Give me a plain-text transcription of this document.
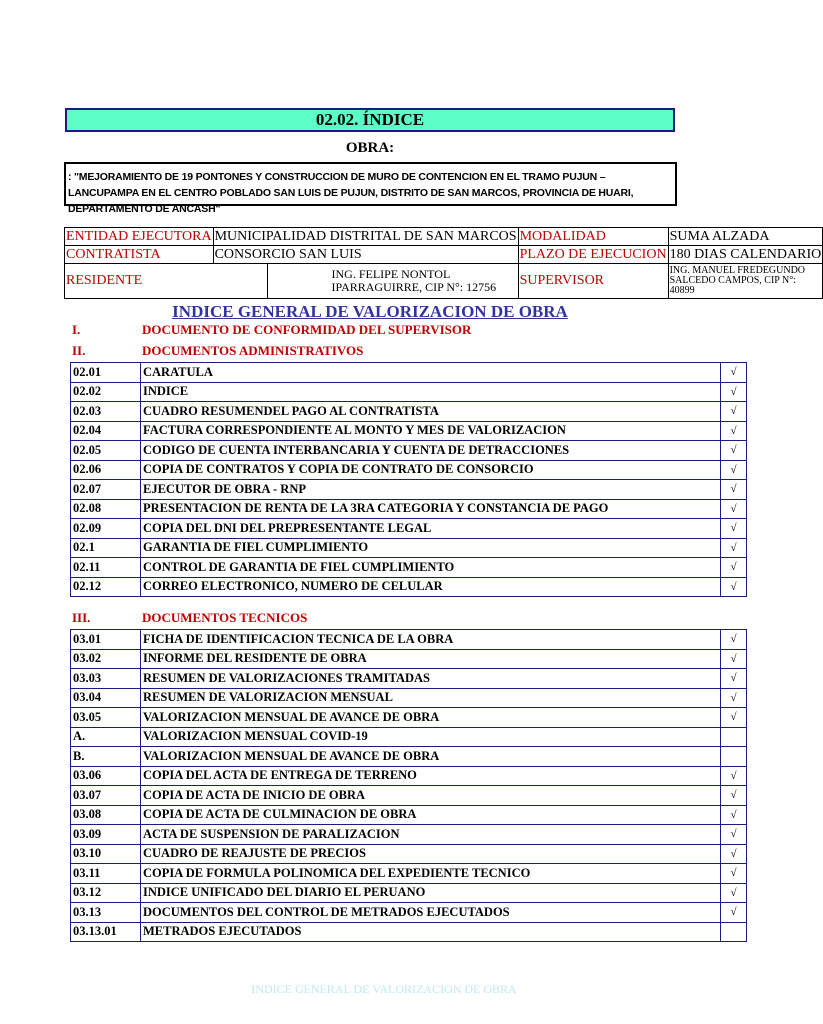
02.02. ÍNDICE
OBRA:
: "MEJORAMIENTO DE 19 PONTONES Y CONSTRUCCION DE MURO DE CONTENCION EN EL TRAMO PUJUN – LANCUPAMPA EN EL CENTRO POBLADO SAN LUIS DE PUJUN, DISTRITO DE SAN MARCOS, PROVINCIA DE HUARI, DEPARTAMENTO DE ANCASH"
ENTIDAD EJECUTORA	MUNICIPALIDAD DISTRITAL DE SAN MARCOS		MODALIDAD	SUMA ALZADA
CONTRATISTA	CONSORCIO SAN LUIS		PLAZO DE EJECUCION	180 DIAS CALENDARIO
RESIDENTE		ING. FELIPE NONTOL IPARRAGUIRRE, CIP N°: 12756	SUPERVISOR	ING. MANUEL FREDEGUNDO SALCEDO CAMPOS, CIP N°: 40899
INDICE GENERAL DE VALORIZACION DE OBRA
I.	DOCUMENTO DE CONFORMIDAD DEL SUPERVISOR
II.	DOCUMENTOS ADMINISTRATIVOS
02.01	CARATULA	√
02.02	INDICE	√
02.03	CUADRO RESUMENDEL PAGO AL CONTRATISTA	√
02.04	FACTURA CORRESPONDIENTE AL MONTO Y MES DE VALORIZACION	√
02.05	CODIGO DE CUENTA INTERBANCARIA Y CUENTA DE DETRACCIONES	√
02.06	COPIA DE CONTRATOS Y COPIA DE CONTRATO DE CONSORCIO	√
02.07	EJECUTOR DE OBRA - RNP	√
02.08	PRESENTACION DE RENTA DE LA 3RA CATEGORIA Y CONSTANCIA DE PAGO	√
02.09	COPIA DEL DNI DEL PREPRESENTANTE LEGAL	√
02.1	GARANTIA DE FIEL CUMPLIMIENTO	√
02.11	CONTROL DE GARANTIA DE FIEL CUMPLIMIENTO	√
02.12	CORREO ELECTRONICO, NUMERO DE CELULAR	√
III.	DOCUMENTOS TECNICOS
03.01	FICHA DE IDENTIFICACION TECNICA DE LA OBRA	√
03.02	INFORME DEL RESIDENTE DE OBRA	√
03.03	RESUMEN DE VALORIZACIONES TRAMITADAS	√
03.04	RESUMEN DE VALORIZACION MENSUAL	√
03.05	VALORIZACION MENSUAL DE AVANCE DE OBRA	√
A.	VALORIZACION MENSUAL COVID-19	
B.	VALORIZACION MENSUAL DE AVANCE DE OBRA	
03.06	COPIA DEL ACTA DE ENTREGA DE TERRENO	√
03.07	COPIA DE ACTA DE INICIO DE OBRA	√
03.08	COPIA DE ACTA DE CULMINACION DE OBRA	√
03.09	ACTA DE SUSPENSION DE PARALIZACION	√
03.10	CUADRO DE REAJUSTE DE PRECIOS	√
03.11	COPIA DE FORMULA POLINOMICA DEL EXPEDIENTE TECNICO	√
03.12	INDICE UNIFICADO DEL DIARIO EL PERUANO	√
03.13	DOCUMENTOS DEL CONTROL DE METRADOS EJECUTADOS	√
03.13.01	METRADOS EJECUTADOS	
INDICE GENERAL DE VALORIZACION DE OBRA
